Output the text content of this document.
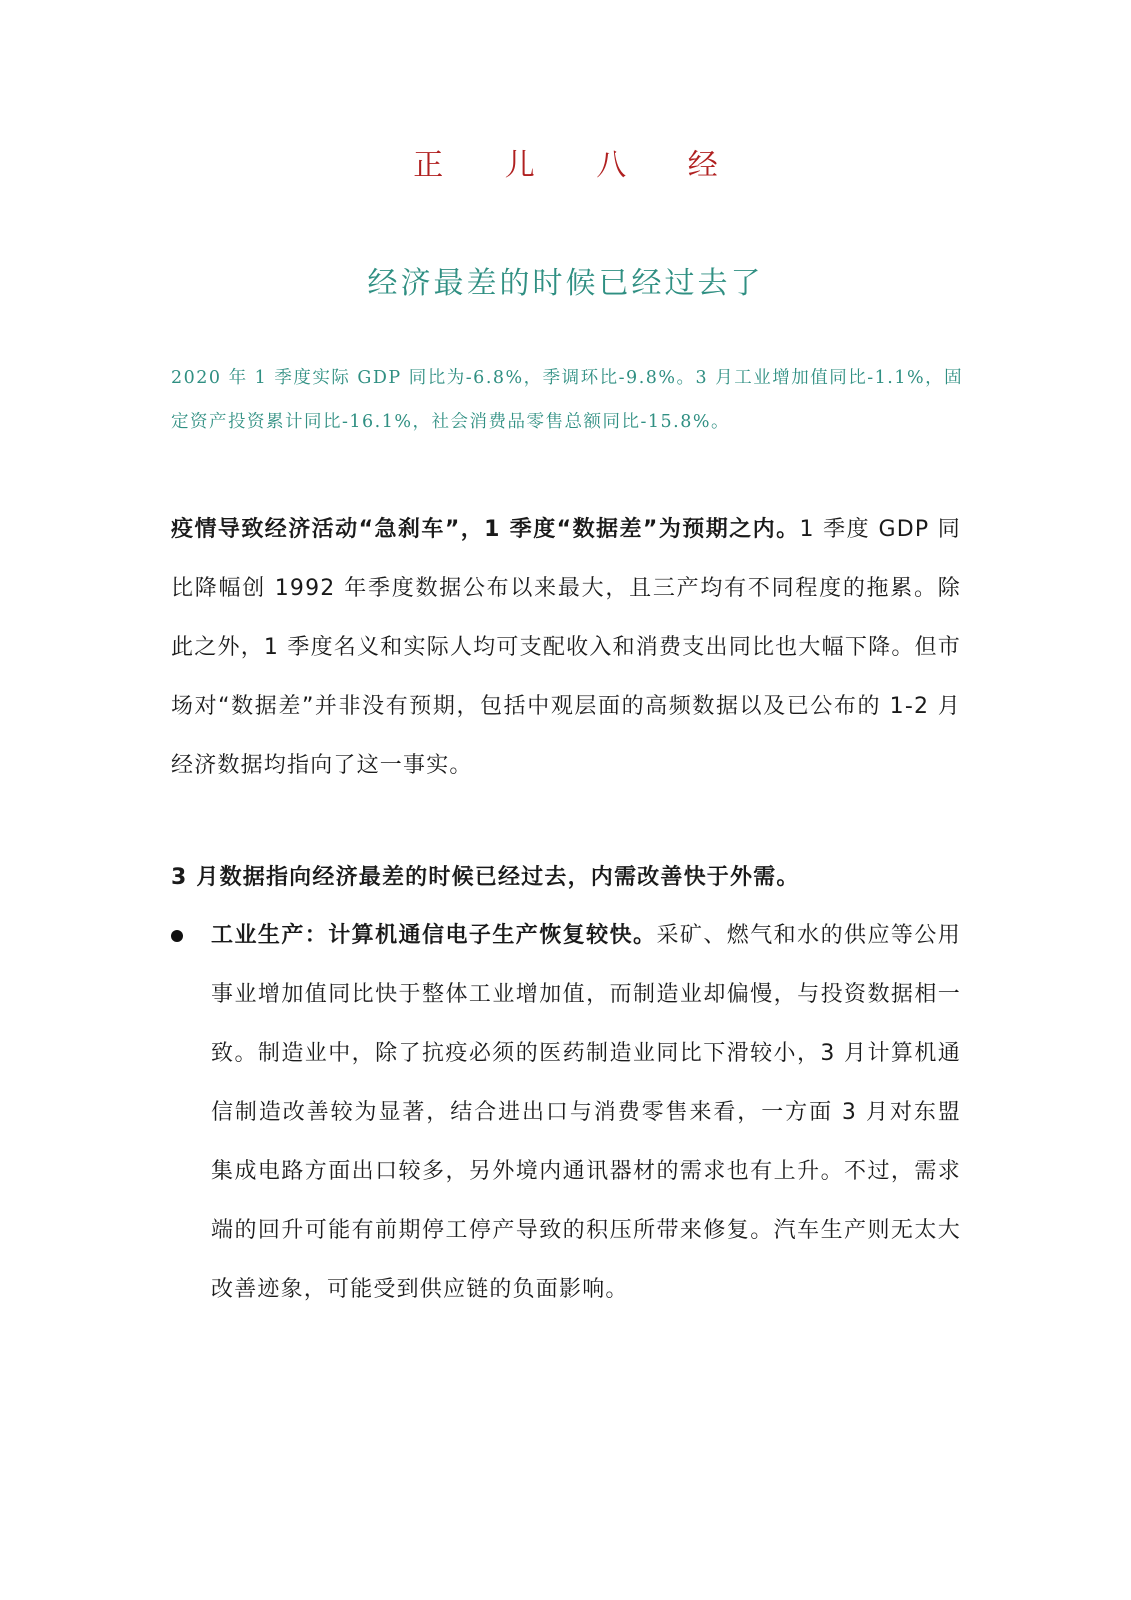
正 儿 八 经
经济最差的时候已经过去了

2020 年 1 季度实际 GDP 同比为-6.8%，季调环比-9.8%。3 月工业增加值同比-1.1%，固定资产投资累计同比-16.1%，社会消费品零售总额同比-15.8%。

疫情导致经济活动“急刹车”，1 季度“数据差”为预期之内。1 季度 GDP 同比降幅创 1992 年季度数据公布以来最大，且三产均有不同程度的拖累。除此之外，1 季度名义和实际人均可支配收入和消费支出同比也大幅下降。但市场对“数据差”并非没有预期，包括中观层面的高频数据以及已公布的 1-2 月经济数据均指向了这一事实。

3 月数据指向经济最差的时候已经过去，内需改善快于外需。

工业生产：计算机通信电子生产恢复较快。采矿、燃气和水的供应等公用事业增加值同比快于整体工业增加值，而制造业却偏慢，与投资数据相一致。制造业中，除了抗疫必须的医药制造业同比下滑较小，3 月计算机通信制造改善较为显著，结合进出口与消费零售来看，一方面 3 月对东盟集成电路方面出口较多，另外境内通讯器材的需求也有上升。不过，需求端的回升可能有前期停工停产导致的积压所带来修复。汽车生产则无太大改善迹象，可能受到供应链的负面影响。
